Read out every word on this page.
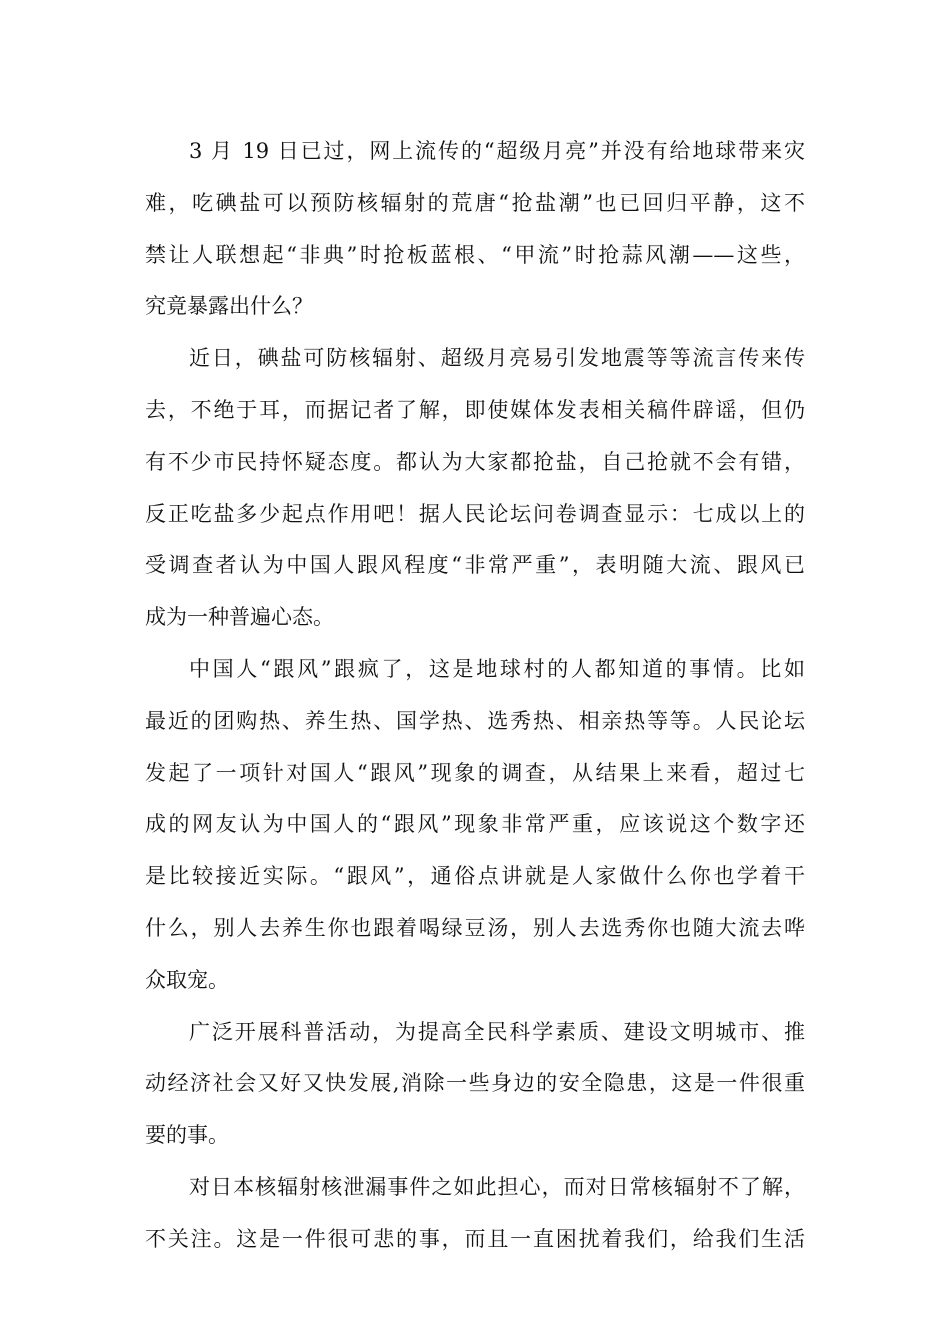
3 月 19 日已过，网上流传的“超级月亮”并没有给地球带来灾
难，吃碘盐可以预防核辐射的荒唐“抢盐潮”也已回归平静，这不
禁让人联想起“非典”时抢板蓝根、“甲流”时抢蒜风潮——这些，
究竟暴露出什么？
近日，碘盐可防核辐射、超级月亮易引发地震等等流言传来传
去，不绝于耳，而据记者了解，即使媒体发表相关稿件辟谣，但仍
有不少市民持怀疑态度。都认为大家都抢盐，自己抢就不会有错，
反正吃盐多少起点作用吧！据人民论坛问卷调查显示：七成以上的
受调查者认为中国人跟风程度“非常严重”，表明随大流、跟风已
成为一种普遍心态。
中国人“跟风”跟疯了，这是地球村的人都知道的事情。比如
最近的团购热、养生热、国学热、选秀热、相亲热等等。人民论坛
发起了一项针对国人“跟风”现象的调查，从结果上来看，超过七
成的网友认为中国人的“跟风”现象非常严重，应该说这个数字还
是比较接近实际。“跟风”，通俗点讲就是人家做什么你也学着干
什么，别人去养生你也跟着喝绿豆汤，别人去选秀你也随大流去哗
众取宠。
广泛开展科普活动，为提高全民科学素质、建设文明城市、推
动经济社会又好又快发展,消除一些身边的安全隐患，这是一件很重
要的事。
对日本核辐射核泄漏事件之如此担心，而对日常核辐射不了解，
不关注。这是一件很可悲的事，而且一直困扰着我们，给我们生活
